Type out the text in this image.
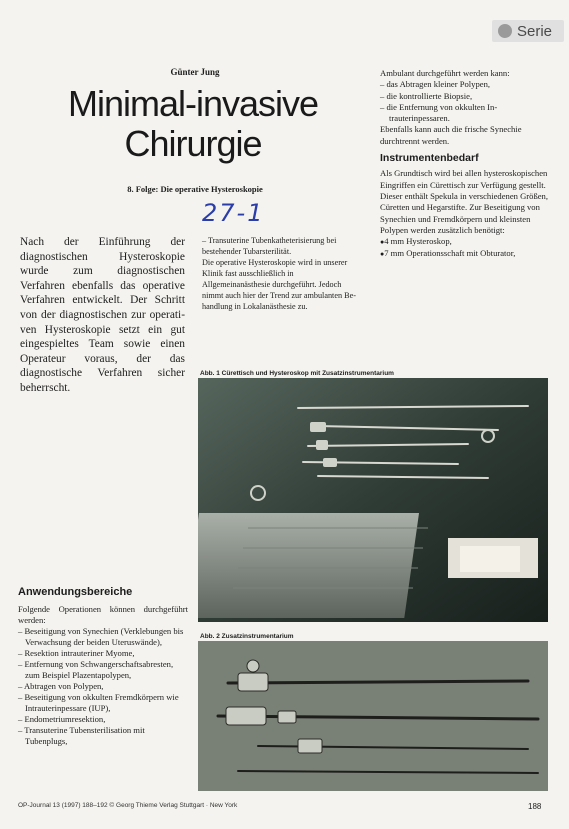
Serie
Günter Jung
Minimal-invasive
Chirurgie
8. Folge: Die operative Hysteroskopie
27-1
Nach der Einführung der diagnostischen Hysteroskopie wurde zum diagnostischen Verfahren ebenfalls das operative Verfahren entwickelt. Der Schritt von der diagnostischen zur operativen Hysteroskopie setzt ein gut eingespieltes Team sowie einen Operateur voraus, der das diagnostische Verfahren sicher beherrscht.

– Transuterine Tubenkatheterisierung bei bestehender Tubarsterilität.

Die operative Hysteroskopie wird in unserer Klinik fast ausschließlich in Allgemeinanästhesie durchgeführt. Jedoch nimmt auch hier der Trend zur ambulanten Behandlung in Lokalanästhesie zu.

Ambulant durchgeführt werden kann:

– das Abtragen kleiner Polypen,
– die kontrollierte Biopsie,
– die Entfernung von okkulten Intrauterinpessaren.

Ebenfalls kann auch die frische Synechie durchtrennt werden.

Instrumentenbedarf

Als Grundtisch wird bei allen hysteroskopischen Eingriffen ein Cürettisch zur Verfügung gestellt. Dieser enthält Spekula in verschiedenen Größen, Cüretten und Hegarstifte. Zur Beseitigung von Synechien und Fremdkörpern und kleinsten Polypen werden zusätzlich benötigt:

● 4 mm Hysteroskop,
● 7 mm Operationsschaft mit Obturator,
Abb. 1 Cürettisch und Hysteroskop mit Zusatzinstrumentarium
Abb. 2 Zusatzinstrumentarium
Anwendungsbereiche

Folgende Operationen können durchgeführt werden:

– Beseitigung von Synechien (Verklebungen bis Verwachsung der beiden Uteruswände),
– Resektion intrauteriner Myome,
– Entfernung von Schwangerschaftsabresten, zum Beispiel Plazentapolypen,
– Abtragen von Polypen,
– Beseitigung von okkulten Fremdkörpern wie Intrauterinpessare (IUP),
– Endometriumresektion,
– Transuterine Tubensterilisation mit Tubenplugs,
OP-Journal 13 (1997) 188–192 © Georg Thieme Verlag Stuttgart · New York	188
